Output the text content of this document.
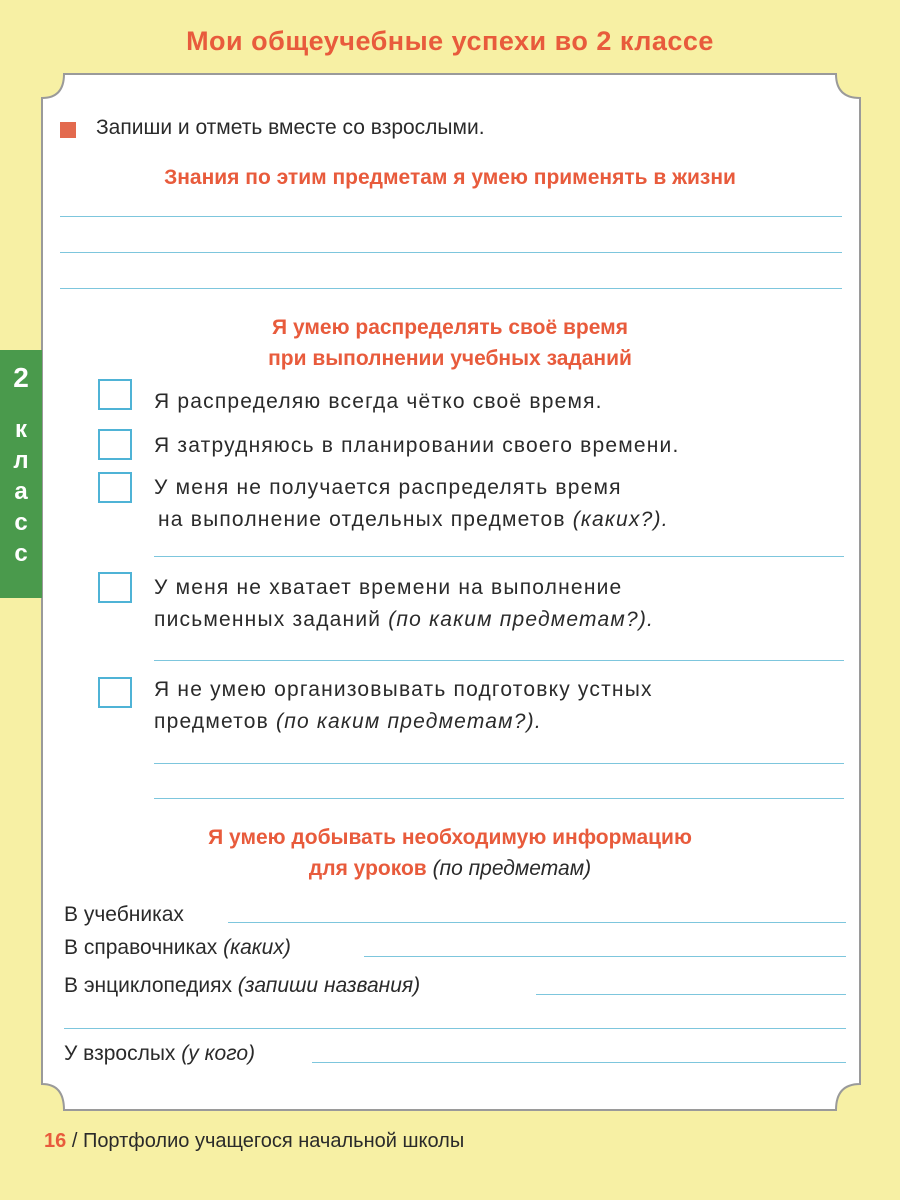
Мои общеучебные успехи во 2 классе
2
к
л
а
с
с
Запиши и отметь вместе со взрослыми.
Знания по этим предметам я умею применять в жизни
Я умею распределять своё время
при выполнении учебных заданий
Я распределяю всегда чётко своё время.
Я затрудняюсь в планировании своего времени.
У меня не получается распределять время
на выполнение отдельных предметов (каких?).
У меня не хватает времени на выполнение
письменных заданий (по каким предметам?).
Я не умею организовывать подготовку устных
предметов (по каким предметам?).
Я умею добывать необходимую информацию
для уроков (по предметам)
В учебниках
В справочниках (каких)
В энциклопедиях (запиши названия)
У взрослых (у кого)
16 / Портфолио учащегося начальной школы
